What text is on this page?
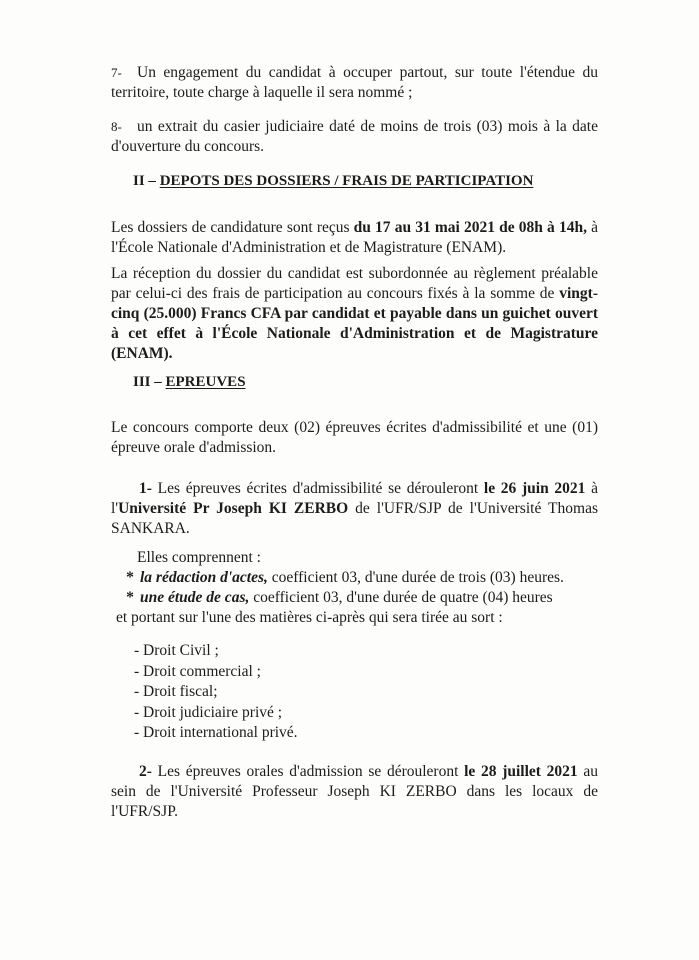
7- Un engagement du candidat à occuper partout, sur toute l'étendue du territoire, toute charge à laquelle il sera nommé ;
8- un extrait du casier judiciaire daté de moins de trois (03) mois à la date d'ouverture du concours.
II – DEPOTS DES DOSSIERS / FRAIS DE PARTICIPATION
Les dossiers de candidature sont reçus du 17 au 31 mai 2021 de 08h à 14h, à l'École Nationale d'Administration et de Magistrature (ENAM).
La réception du dossier du candidat est subordonnée au règlement préalable par celui-ci des frais de participation au concours fixés à la somme de vingt-cinq (25.000) Francs CFA par candidat et payable dans un guichet ouvert à cet effet à l'École Nationale d'Administration et de Magistrature (ENAM).
III – EPREUVES
Le concours comporte deux (02) épreuves écrites d'admissibilité et une (01) épreuve orale d'admission.
1- Les épreuves écrites d'admissibilité se dérouleront le 26 juin 2021 à l'Université Pr Joseph KI ZERBO de l'UFR/SJP de l'Université Thomas SANKARA.
Elles comprennent :
* la rédaction d'actes, coefficient 03, d'une durée de trois (03) heures.
* une étude de cas, coefficient 03, d'une durée de quatre (04) heures
et portant sur l'une des matières ci-après qui sera tirée au sort :
- Droit Civil ;
- Droit commercial ;
- Droit fiscal;
- Droit judiciaire privé ;
- Droit international privé.
2- Les épreuves orales d'admission se dérouleront le 28 juillet 2021 au sein de l'Université Professeur Joseph KI ZERBO dans les locaux de l'UFR/SJP.
